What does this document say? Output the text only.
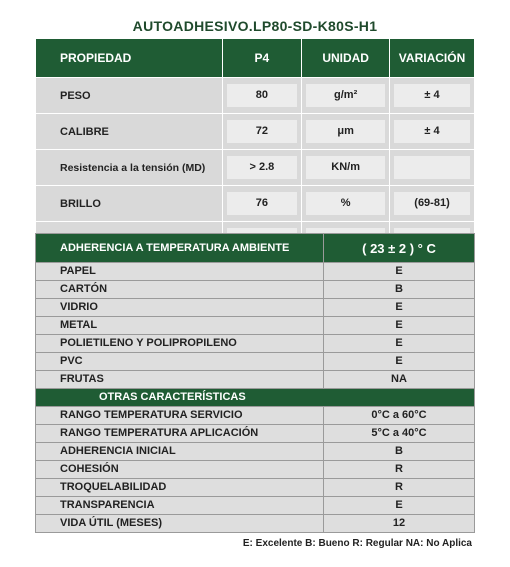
AUTOADHESIVO.LP80-SD-K80S-H1
PROPIEDAD	P4	UNIDAD	VARIACIÓN
PESO	80	g/m²	± 4

CALIBRE	72	μm	± 4

Resistencia a la tensión (MD)	> 2.8	KN/m	

BRILLO	76	%	(69-81)

ADHERENCIA A TEMPERATURA AMBIENTE	( 23 ± 2 ) ° C
PAPEL	E
CARTÓN	B
VIDRIO	E
METAL	E
POLIETILENO Y POLIPROPILENO	E
PVC	E
FRUTAS	NA
OTRAS CARACTERÍSTICAS	
RANGO TEMPERATURA SERVICIO	0°C a 60°C
RANGO TEMPERATURA APLICACIÓN	5°C a 40°C
ADHERENCIA INICIAL	B
COHESIÓN	R
TROQUELABILIDAD	R
TRANSPARENCIA	E
VIDA ÚTIL (MESES)	12
E: Excelente B: Bueno R: Regular NA: No Aplica
